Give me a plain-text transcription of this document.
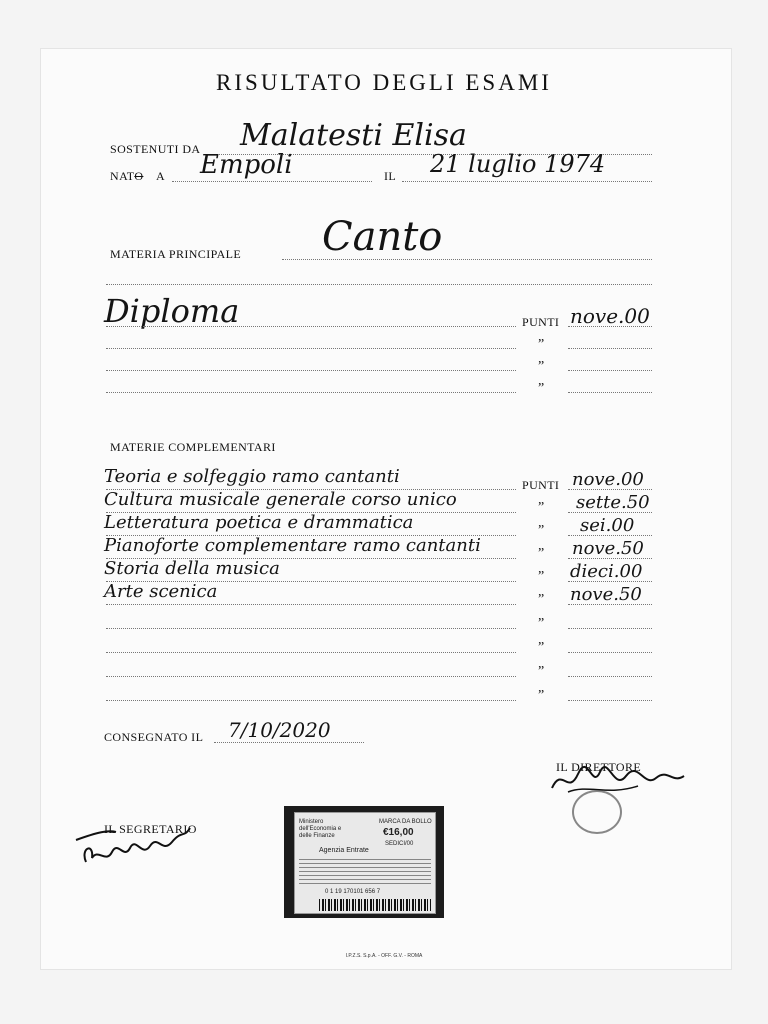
RISULTATO DEGLI ESAMI
SOSTENUTI DA Malatesti Elisa
NATO A Empoli	IL 21 luglio 1974
MATERIA PRINCIPALE Canto
Diploma	PUNTI nove.00
”
”
”
MATERIE COMPLEMENTARI
Teoria e solfeggio ramo cantanti	PUNTI nove.00
Cultura musicale generale corso unico	” sette.50
Letteratura poetica e drammatica	” sei.00
Pianoforte complementare ramo cantanti	” nove.50
Storia della musica	” dieci.00
Arte scenica	” nove.50
”
”
”
”
CONSEGNATO IL 7/10/2020
IL DIRETTORE
IL SEGRETARIO	Ministero dell'Economia e delle Finanze
MARCA DA BOLLO
€16,00
SEDICI/00
Agenzia Entrate
0 1 19 170101 656 7
I.P.Z.S. S.p.A. - OFF. G.V. - ROMA
